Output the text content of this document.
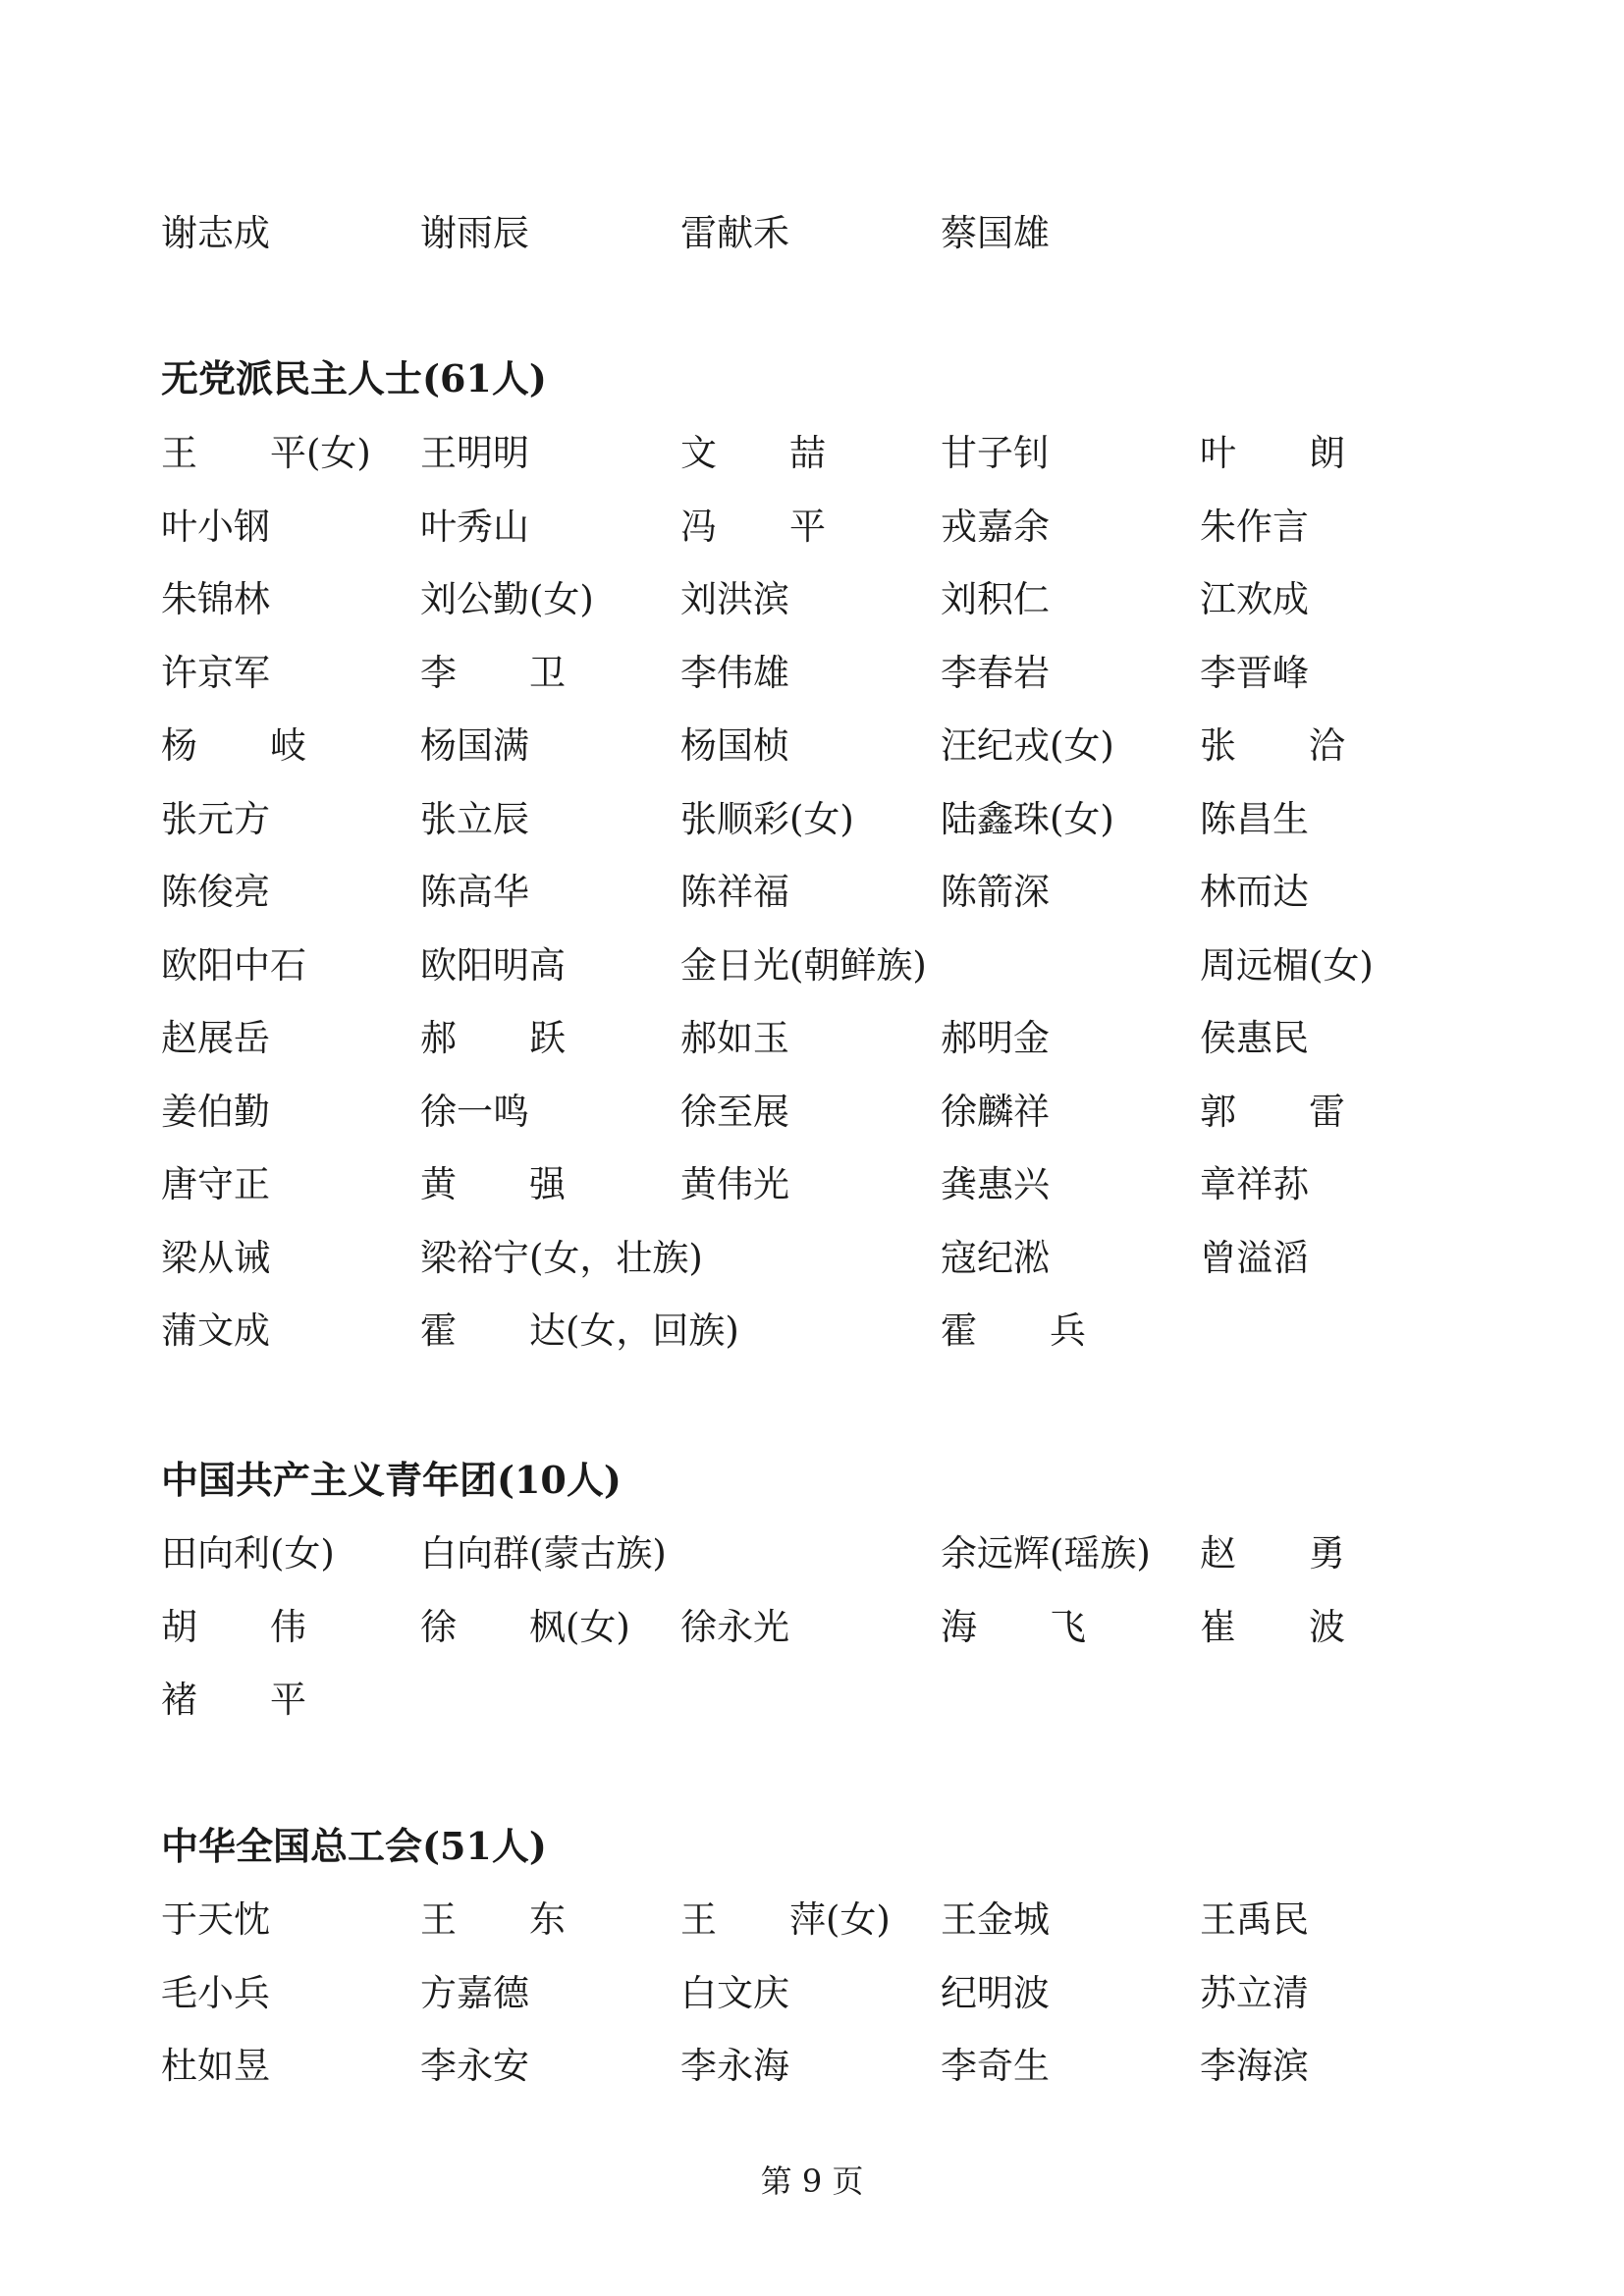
谢志成	谢雨辰	雷献禾	蔡国雄
无党派民主人士(61人)
王　　平(女) 王明明	文　　喆	甘子钊	叶　　朗
叶小钢	叶秀山	冯　　平	戎嘉余	朱作言
朱锦林	刘公勤(女) 刘洪滨	刘积仁	江欢成
许京军	李　　卫	李伟雄	李春岩	李晋峰
杨　　岐	杨国满	杨国桢	汪纪戎(女) 张　　洽
张元方	张立辰	张顺彩(女) 陆鑫珠(女) 陈昌生
陈俊亮	陈高华	陈祥福	陈箭深	林而达
欧阳中石	欧阳明高	金日光(朝鲜族)	周远楣(女)
赵展岳	郝　　跃	郝如玉	郝明金	侯惠民
姜伯勤	徐一鸣	徐至展	徐麟祥	郭　　雷
唐守正	黄　　强	黄伟光	龚惠兴	章祥荪
梁从诫	梁裕宁(女，壮族)	寇纪淞	曾溢滔
蒲文成	霍　　达(女，回族)	霍　　兵
中国共产主义青年团(10人)
田向利(女) 白向群(蒙古族)	余远辉(瑶族) 赵　　勇
胡　　伟	徐　　枫(女) 徐永光	海　　飞	崔　　波
褚　　平
中华全国总工会(51人)
于天忱	王　　东	王　　萍(女) 王金城	王禹民
毛小兵	方嘉德	白文庆	纪明波	苏立清
杜如昱	李永安	李永海	李奇生	李海滨
第 9 页
